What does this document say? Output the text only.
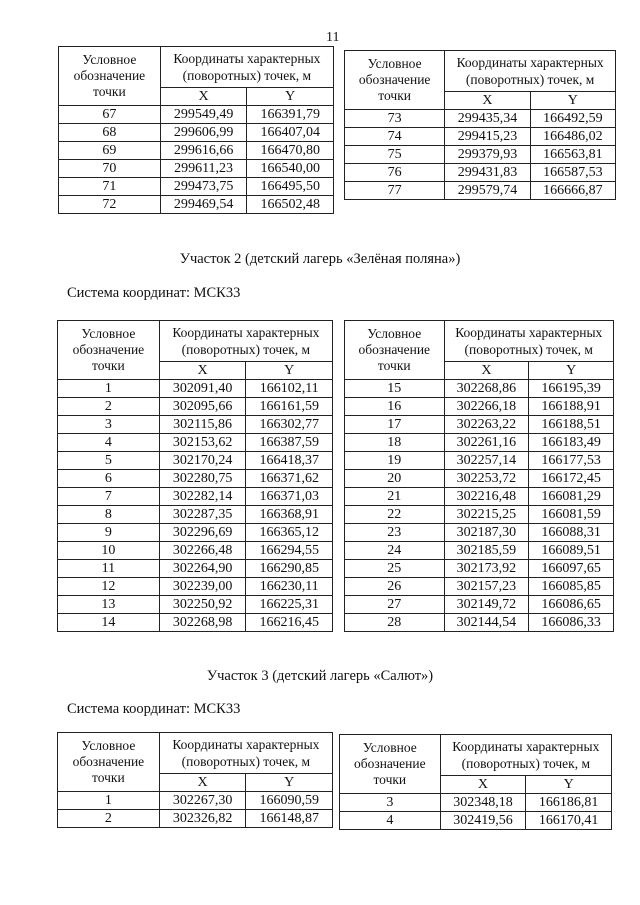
11
Условное обозначение точки	Координаты характерных (поворотных) точек, м	
	X	Y
67	299549,49	166391,79
68	299606,99	166407,04
69	299616,66	166470,80
70	299611,23	166540,00
71	299473,75	166495,50
72	299469,54	166502,48
Условное обозначение точки	Координаты характерных (поворотных) точек, м	
	X	Y
73	299435,34	166492,59
74	299415,23	166486,02
75	299379,93	166563,81
76	299431,83	166587,53
77	299579,74	166666,87
Участок 2 (детский лагерь «Зелёная поляна»)
Система координат: МСК33
Условное обозначение точки	Координаты характерных (поворотных) точек, м	
	X	Y
1	302091,40	166102,11
2	302095,66	166161,59
3	302115,86	166302,77
4	302153,62	166387,59
5	302170,24	166418,37
6	302280,75	166371,62
7	302282,14	166371,03
8	302287,35	166368,91
9	302296,69	166365,12
10	302266,48	166294,55
11	302264,90	166290,85
12	302239,00	166230,11
13	302250,92	166225,31
14	302268,98	166216,45
Условное обозначение точки	Координаты характерных (поворотных) точек, м	
	X	Y
15	302268,86	166195,39
16	302266,18	166188,91
17	302263,22	166188,51
18	302261,16	166183,49
19	302257,14	166177,53
20	302253,72	166172,45
21	302216,48	166081,29
22	302215,25	166081,59
23	302187,30	166088,31
24	302185,59	166089,51
25	302173,92	166097,65
26	302157,23	166085,85
27	302149,72	166086,65
28	302144,54	166086,33
Участок 3 (детский лагерь «Салют»)
Система координат: МСК33
Условное обозначение точки	Координаты характерных (поворотных) точек, м	
	X	Y
1	302267,30	166090,59
2	302326,82	166148,87
Условное обозначение точки	Координаты характерных (поворотных) точек, м	
	X	Y
3	302348,18	166186,81
4	302419,56	166170,41
